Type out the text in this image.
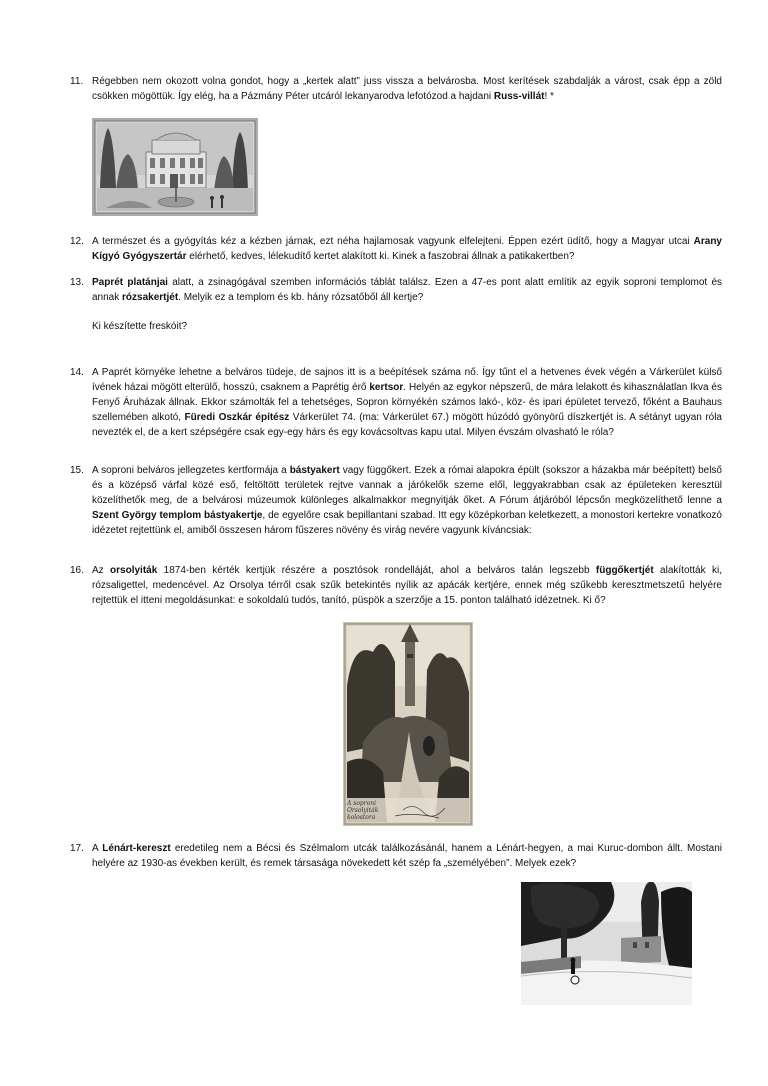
11. Régebben nem okozott volna gondot, hogy a „kertek alatt” juss vissza a belvárosba. Most kerítések szabdalják a várost, csak épp a zöld csökken mögöttük. Így elég, ha a Pázmány Péter utcáról lekanyarodva lefotózod a hajdani Russ-villát! *

12. A természet és a gyógyítás kéz a kézben járnak, ezt néha hajlamosak vagyunk elfelejteni. Éppen ezért üdítő, hogy a Magyar utcai Arany Kígyó Gyógyszertár elérhető, kedves, lélekudítő kertet alakított ki. Kinek a faszobrai állnak a patikakertben?

13. Paprét platánjai alatt, a zsinagógával szemben információs táblát találsz. Ezen a 47-es pont alatt említik az egyik soproni templomot és annak rózsakertjét. Melyik ez a templom és kb. hány rózsatőből áll kertje?

Ki készítette freskóit?

14. A Paprét környéke lehetne a belváros tüdeje, de sajnos itt is a beépítések száma nő. Így tűnt el a hetvenes évek végén a Várkerület külső ívének házai mögött elterülő, hosszú, csaknem a Paprétig érő kertsor. Helyén az egykor népszerű, de mára lelakott és kihasználatlan Ikva és Fenyő Áruházak állnak. Ekkor számolták fel a tehetséges, Sopron környékén számos lakó-, köz- és ipari épületet tervező, főként a Bauhaus szellemében alkotó, Füredi Oszkár építész Várkerület 74. (ma: Várkerület 67.) mögött húzódó gyönyörű díszkertjét is. A sétányt ugyan róla nevezték el, de a kert szépségére csak egy-egy hárs és egy kovácsoltvas kapu utal. Milyen évszám olvasható le róla?

15. A soproni belváros jellegzetes kertformája a bástyakert vagy függőkert. Ezek a római alapokra épült (sokszor a házakba már beépített) belső és a középső várfal közé eső, feltöltött területek rejtve vannak a járókelők szeme elől, leggyakrabban csak az épületeken keresztül közelíthetők meg, de a belvárosi múzeumok különleges alkalmakkor megnyitják őket. A Fórum átjáróból lépcsőn megközelíthető lenne a Szent György templom bástyakertje, de egyelőre csak bepillantani szabad. Itt egy középkorban keletkezett, a monostori kertekre vonatkozó idézetet rejtettünk el, amiből összesen három fűszeres növény és virág nevére vagyunk kíváncsiak:

16. Az orsolyiták 1874-ben kérték kertjük részére a posztósok rondelláját, ahol a belváros talán legszebb függőkertjét alakították ki, rózsaligettel, medencével. Az Orsolya térről csak szűk betekintés nyílik az apácák kertjére, ennek még szűkebb keresztmetszetű helyére rejtettük el itteni megoldásunkat: e sokoldalú tudós, tanító, püspök a szerzője a 15. ponton található idézetnek. Ki ő?

A soproni Orsolyiták kolostora
17. A Lénárt-kereszt eredetileg nem a Bécsi és Szélmalom utcák találkozásánál, hanem a Lénárt-hegyen, a mai Kuruc-dombon állt. Mostani helyére az 1930-as években került, és remek társasága növekedett két szép fa „személyében”. Melyek ezek?
